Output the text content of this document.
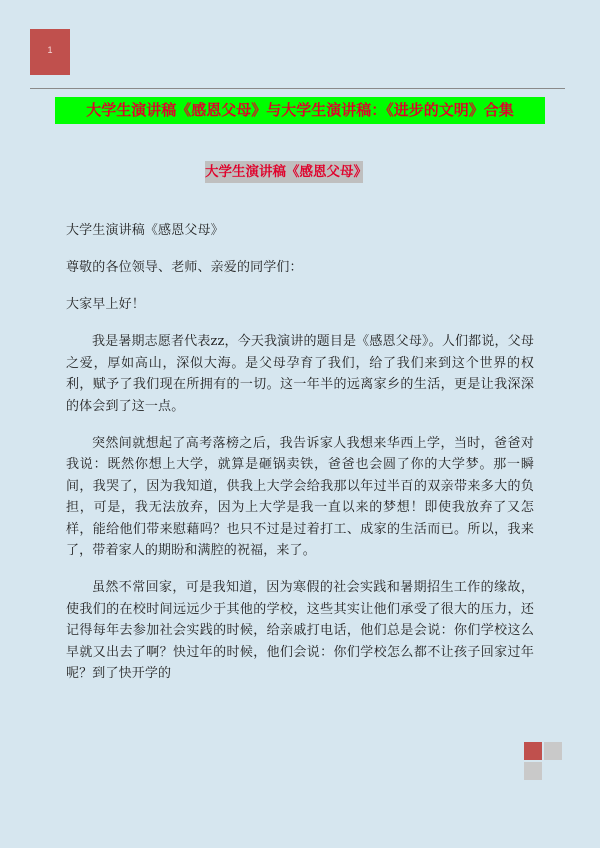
1
大学生演讲稿《感恩父母》与大学生演讲稿：《进步的文明》合集
大学生演讲稿《感恩父母》

大学生演讲稿《感恩父母》

尊敬的各位领导、老师、亲爱的同学们：

大家早上好！

我是暑期志愿者代表zz，今天我演讲的题目是《感恩父母》。人们都说，父母之爱，厚如高山，深似大海。是父母孕育了我们，给了我们来到这个世界的权利，赋予了我们现在所拥有的一切。这一年半的远离家乡的生活，更是让我深深的体会到了这一点。

突然间就想起了高考落榜之后，我告诉家人我想来华西上学，当时，爸爸对我说：既然你想上大学，就算是砸锅卖铁，爸爸也会圆了你的大学梦。那一瞬间，我哭了，因为我知道，供我上大学会给我那以年过半百的双亲带来多大的负担，可是，我无法放弃，因为上大学是我一直以来的梦想！即使我放弃了又怎样，能给他们带来慰藉吗？也只不过是过着打工、成家的生活而已。所以，我来了，带着家人的期盼和满腔的祝福，来了。

虽然不常回家，可是我知道，因为寒假的社会实践和暑期招生工作的缘故，使我们的在校时间远远少于其他的学校，这些其实让他们承受了很大的压力，还记得每年去参加社会实践的时候，给亲戚打电话，他们总是会说：你们学校这么早就又出去了啊？快过年的时候，他们会说：你们学校怎么都不让孩子回家过年呢？到了快开学的
